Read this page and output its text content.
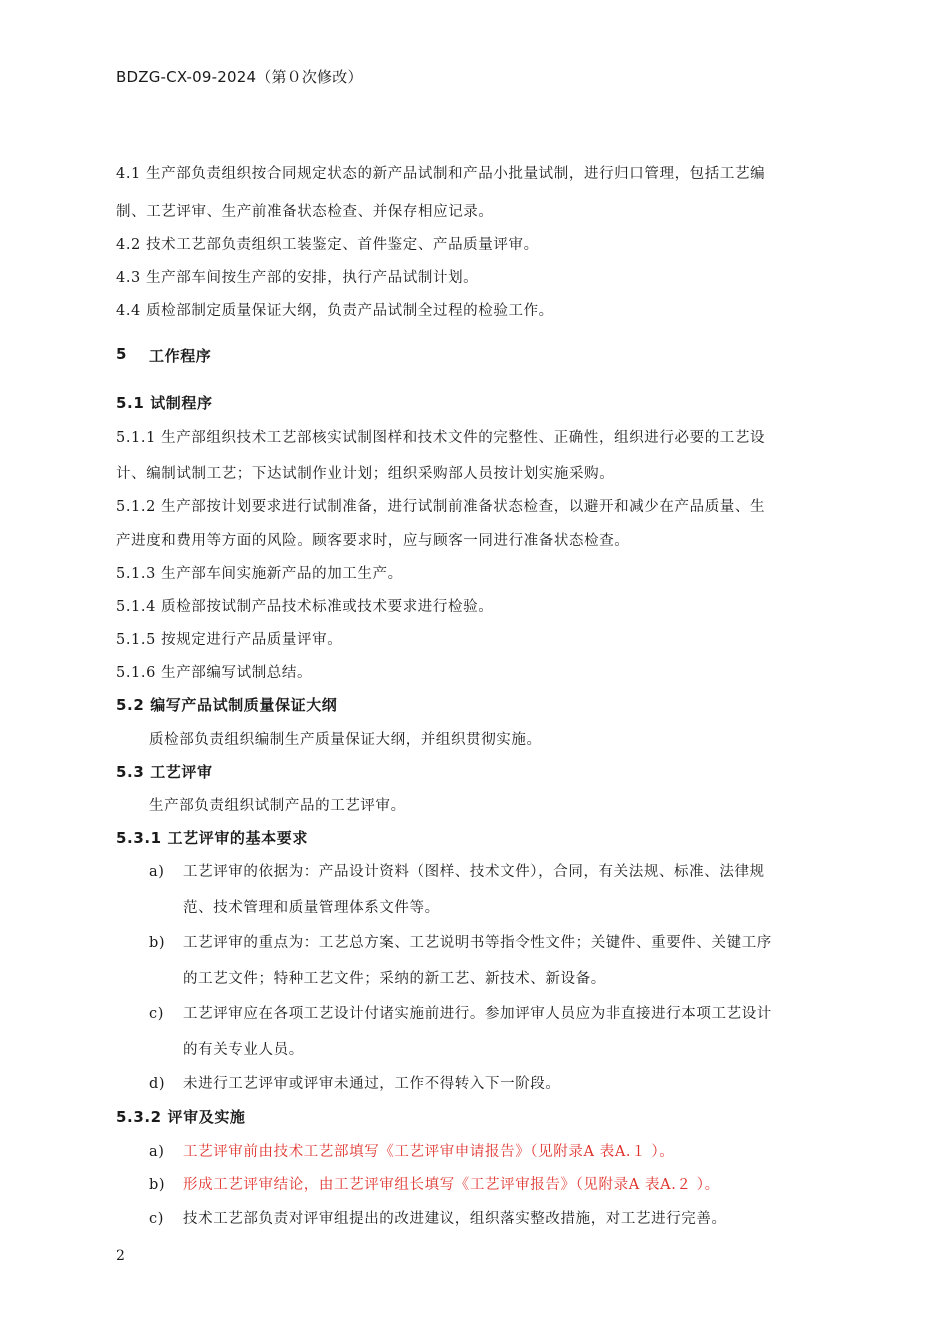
BDZG-CX-09-2024（第０次修改）
4.1 生产部负责组织按合同规定状态的新产品试制和产品小批量试制，进行归口管理，包括工艺编
制、工艺评审、生产前准备状态检查、并保存相应记录。
4.2 技术工艺部负责组织工装鉴定、首件鉴定、产品质量评审。
4.3 生产部车间按生产部的安排，执行产品试制计划。
4.4 质检部制定质量保证大纲，负责产品试制全过程的检验工作。
5 工作程序
5.1 试制程序
5.1.1 生产部组织技术工艺部核实试制图样和技术文件的完整性、正确性，组织进行必要的工艺设
计、编制试制工艺；下达试制作业计划；组织采购部人员按计划实施采购。
5.1.2 生产部按计划要求进行试制准备，进行试制前准备状态检查，以避开和减少在产品质量、生
产进度和费用等方面的风险。顾客要求时，应与顾客一同进行准备状态检查。
5.1.3 生产部车间实施新产品的加工生产。
5.1.4 质检部按试制产品技术标准或技术要求进行检验。
5.1.5 按规定进行产品质量评审。
5.1.6 生产部编写试制总结。
5.2 编写产品试制质量保证大纲
质检部负责组织编制生产质量保证大纲，并组织贯彻实施。
5.3 工艺评审
生产部负责组织试制产品的工艺评审。
5.3.1 工艺评审的基本要求
a) 工艺评审的依据为：产品设计资料（图样、技术文件），合同，有关法规、标准、法律规
范、技术管理和质量管理体系文件等。
b) 工艺评审的重点为：工艺总方案、工艺说明书等指令性文件；关键件、重要件、关键工序
的工艺文件；特种工艺文件；采纳的新工艺、新技术、新设备。
c) 工艺评审应在各项工艺设计付诸实施前进行。参加评审人员应为非直接进行本项工艺设计
的有关专业人员。
d) 未进行工艺评审或评审未通过，工作不得转入下一阶段。
5.3.2 评审及实施
a) 工艺评审前由技术工艺部填写《工艺评审申请报告》（见附录A 表A.１ ）。
b) 形成工艺评审结论，由工艺评审组长填写《工艺评审报告》（见附录A 表A.２ ）。
c) 技术工艺部负责对评审组提出的改进建议，组织落实整改措施，对工艺进行完善。
2
